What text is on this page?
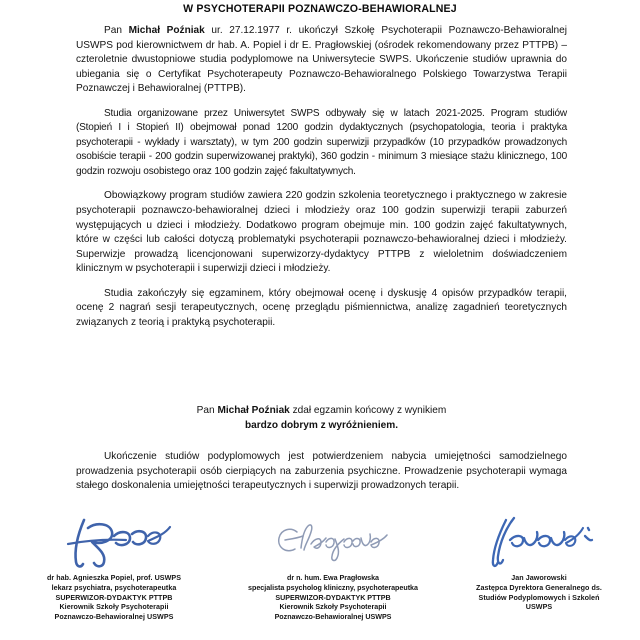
W PSYCHOTERAPII POZNAWCZO-BEHAWIORALNEJ

Pan Michał Poźniak ur. 27.12.1977 r. ukończył Szkołę Psychoterapii Poznawczo-Behawioralnej USWPS pod kierownictwem dr hab. A. Popiel i dr E. Pragłowskiej (ośrodek rekomendowany przez PTTPB) – czteroletnie dwustopniowe studia podyplomowe na Uniwersytecie SWPS. Ukończenie studiów uprawnia do ubiegania się o Certyfikat Psychoterapeuty Poznawczo-Behawioralnego Polskiego Towarzystwa Terapii Poznawczej i Behawioralnej (PTTPB).

Studia organizowane przez Uniwersytet SWPS odbywały się w latach 2021-2025. Program studiów (Stopień I i Stopień II) obejmował ponad 1200 godzin dydaktycznych (psychopatologia, teoria i praktyka psychoterapii - wykłady i warsztaty), w tym 200 godzin superwizji przypadków (10 przypadków prowadzonych osobiście terapii - 200 godzin superwizowanej praktyki), 360 godzin - minimum 3 miesiące stażu klinicznego, 100 godzin rozwoju osobistego oraz 100 godzin zajęć fakultatywnych.

Obowiązkowy program studiów zawiera 220 godzin szkolenia teoretycznego i praktycznego w zakresie psychoterapii poznawczo-behawioralnej dzieci i młodzieży oraz 100 godzin superwizji terapii zaburzeń występujących u dzieci i młodzieży. Dodatkowo program obejmuje min. 100 godzin zajęć fakultatywnych, które w części lub całości dotyczą problematyki psychoterapii poznawczo-behawioralnej dzieci i młodzieży. Superwizje prowadzą licencjonowani superwizorzy-dydaktycy PTTPB z wieloletnim doświadczeniem klinicznym w psychoterapii i superwizji dzieci i młodzieży.

Studia zakończyły się egzaminem, który obejmował ocenę i dyskusję 4 opisów przypadków terapii, ocenę 2 nagrań sesji terapeutycznych, ocenę przeglądu piśmiennictwa, analizę zagadnień teoretycznych związanych z teorią i praktyką psychoterapii.

Pan Michał Poźniak zdał egzamin końcowy z wynikiem
bardzo dobrym z wyróżnieniem.

Ukończenie studiów podyplomowych jest potwierdzeniem nabycia umiejętności samodzielnego prowadzenia psychoterapii osób cierpiących na zaburzenia psychiczne. Prowadzenie psychoterapii wymaga stałego doskonalenia umiejętności terapeutycznych i superwizji prowadzonych terapii.

dr hab. Agnieszka Popiel, prof. USWPS
lekarz psychiatra, psychoterapeutka
SUPERWIZOR-DYDAKTYK PTTPB
Kierownik Szkoły Psychoterapii
Poznawczo-Behawioralnej USWPS
dr n. hum. Ewa Pragłowska
specjalista psycholog kliniczny, psychoterapeutka
SUPERWIZOR-DYDAKTYK PTTPB
Kierownik Szkoły Psychoterapii
Poznawczo-Behawioralnej USWPS
Jan Jaworowski
Zastępca Dyrektora Generalnego ds.
Studiów Podyplomowych i Szkoleń
USWPS
